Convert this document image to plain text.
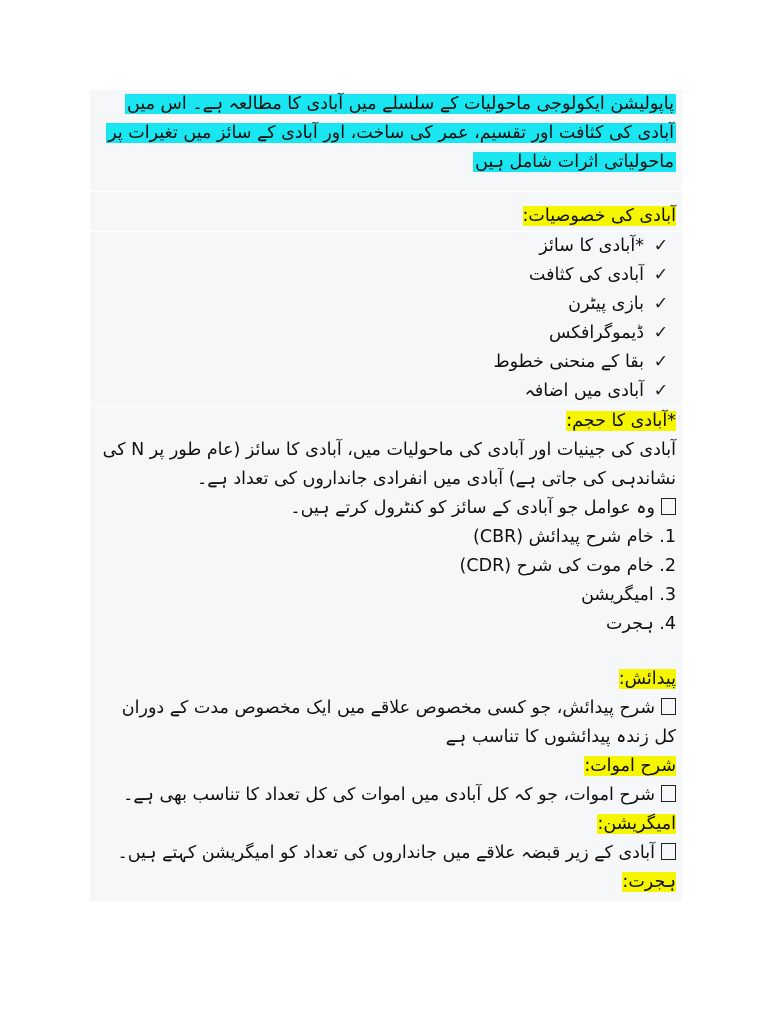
پاپولیشن ایکولوجی ماحولیات کے سلسلے میں آبادی کا مطالعہ ہے۔ اس میں
آبادی کی کثافت اور تقسیم، عمر کی ساخت، اور آبادی کے سائز میں تغیرات پر
ماحولیاتی اثرات شامل ہیں
آبادی کی خصوصیات:
✓*آبادی کا سائز
✓آبادی کی کثافت
✓بازی پیٹرن
✓ڈیموگرافکس
✓بقا کے منحنی خطوط
✓آبادی میں اضافہ
*آبادی کا حجم:
آبادی کی جینیات اور آبادی کی ماحولیات میں، آبادی کا سائز (عام طور پر N کی
نشاندہی کی جاتی ہے) آبادی میں انفرادی جانداروں کی تعداد ہے۔
وہ عوامل جو آبادی کے سائز کو کنٹرول کرتے ہیں۔
1. خام شرح پیدائش (CBR)
2. خام موت کی شرح (CDR)
3. امیگریشن
4. ہجرت
پیدائش:
شرح پیدائش، جو کسی مخصوص علاقے میں ایک مخصوص مدت کے دوران
کل زندہ پیدائشوں کا تناسب ہے
شرح اموات:
شرح اموات، جو کہ کل آبادی میں اموات کی کل تعداد کا تناسب بھی ہے۔
امیگریشن:
آبادی کے زیر قبضہ علاقے میں جانداروں کی تعداد کو امیگریشن کہتے ہیں۔
ہجرت:
